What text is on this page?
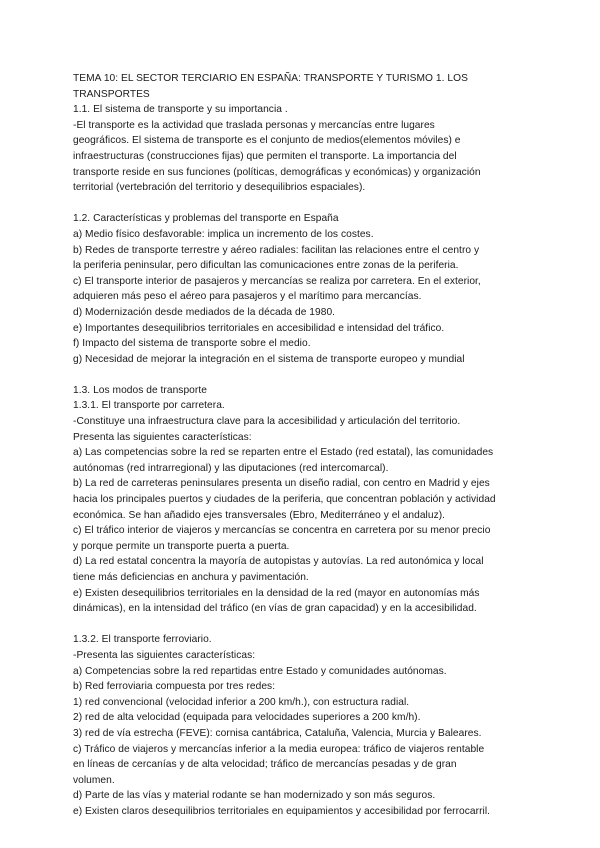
TEMA 10: EL SECTOR TERCIARIO EN ESPAÑA: TRANSPORTE Y TURISMO 1. LOS
TRANSPORTES
1.1. El sistema de transporte y su importancia .
-El transporte es la actividad que traslada personas y mercancías entre lugares
geográficos. El sistema de transporte es el conjunto de medios(elementos móviles) e
infraestructuras (construcciones fijas) que permiten el transporte. La importancia del
transporte reside en sus funciones (políticas, demográficas y económicas) y organización
territorial (vertebración del territorio y desequilibrios espaciales).
1.2. Características y problemas del transporte en España
a) Medio físico desfavorable: implica un incremento de los costes.
b) Redes de transporte terrestre y aéreo radiales: facilitan las relaciones entre el centro y
la periferia peninsular, pero dificultan las comunicaciones entre zonas de la periferia.
c) El transporte interior de pasajeros y mercancías se realiza por carretera. En el exterior,
adquieren más peso el aéreo para pasajeros y el marítimo para mercancías.
d) Modernización desde mediados de la década de 1980.
e) Importantes desequilibrios territoriales en accesibilidad e intensidad del tráfico.
f) Impacto del sistema de transporte sobre el medio.
g) Necesidad de mejorar la integración en el sistema de transporte europeo y mundial
1.3. Los modos de transporte
1.3.1. El transporte por carretera.
-Constituye una infraestructura clave para la accesibilidad y articulación del territorio.
Presenta las siguientes características:
a) Las competencias sobre la red se reparten entre el Estado (red estatal), las comunidades
autónomas (red intrarregional) y las diputaciones (red intercomarcal).
b) La red de carreteras peninsulares presenta un diseño radial, con centro en Madrid y ejes
hacia los principales puertos y ciudades de la periferia, que concentran población y actividad
económica. Se han añadido ejes transversales (Ebro, Mediterráneo y el andaluz).
c) El tráfico interior de viajeros y mercancías se concentra en carretera por su menor precio
y porque permite un transporte puerta a puerta.
d) La red estatal concentra la mayoría de autopistas y autovías. La red autonómica y local
tiene más deficiencias en anchura y pavimentación.
e) Existen desequilibrios territoriales en la densidad de la red (mayor en autonomías más
dinámicas), en la intensidad del tráfico (en vías de gran capacidad) y en la accesibilidad.
1.3.2. El transporte ferroviario.
-Presenta las siguientes características:
a) Competencias sobre la red repartidas entre Estado y comunidades autónomas.
b) Red ferroviaria compuesta por tres redes:
1) red convencional (velocidad inferior a 200 km/h.), con estructura radial.
2) red de alta velocidad (equipada para velocidades superiores a 200 km/h).
3) red de vía estrecha (FEVE): cornisa cantábrica, Cataluña, Valencia, Murcia y Baleares.
c) Tráfico de viajeros y mercancías inferior a la media europea: tráfico de viajeros rentable
en líneas de cercanías y de alta velocidad; tráfico de mercancías pesadas y de gran
volumen.
d) Parte de las vías y material rodante se han modernizado y son más seguros.
e) Existen claros desequilibrios territoriales en equipamientos y accesibilidad por ferrocarril.
